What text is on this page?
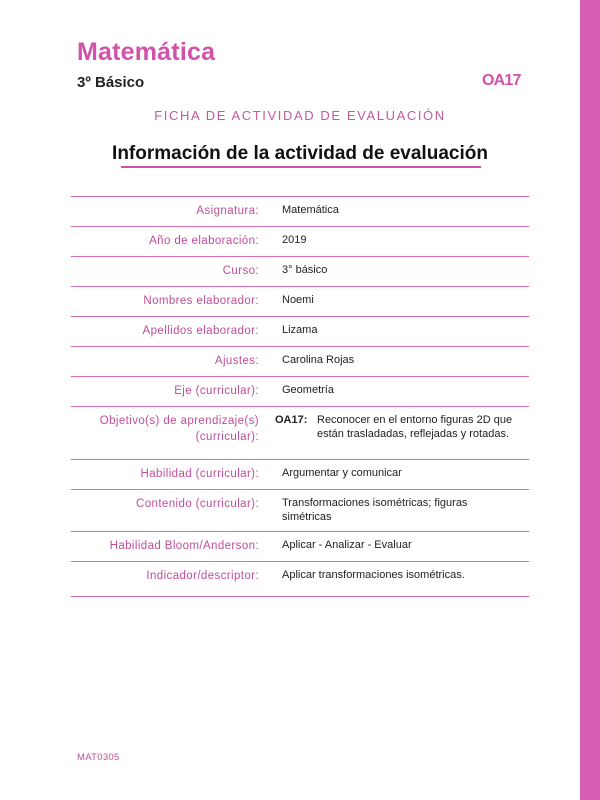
Matemática
3º Básico	OA17
FICHA DE ACTIVIDAD DE EVALUACIÓN
Información de la actividad de evaluación
Asignatura:	Matemática
Año de elaboración:	2019
Curso:	3° básico
Nombres elaborador:	Noemi
Apellidos elaborador:	Lizama
Ajustes:	Carolina Rojas
Eje (curricular):	Geometría
Objetivo(s) de aprendizaje(s) (curricular):
OA17: Reconocer en el entorno figuras 2D que están trasladadas, reflejadas y rotadas.
Habilidad (curricular):	Argumentar y comunicar
Contenido (curricular):	Transformaciones isométricas; figuras simétricas
Habilidad Bloom/Anderson:	Aplicar - Analizar - Evaluar
Indicador/descriptor:	Aplicar transformaciones isométricas.
MAT0305
